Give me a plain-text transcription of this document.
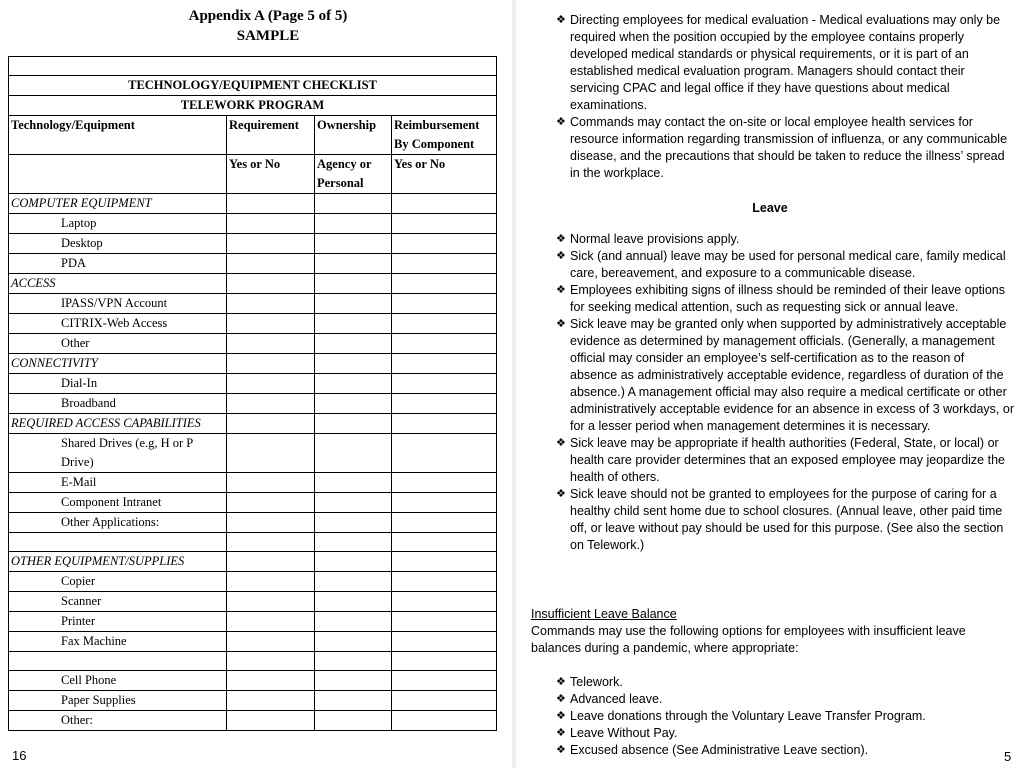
Appendix A (Page 5 of 5)
SAMPLE

TECHNOLOGY/EQUIPMENT CHECKLIST			
TELEWORK PROGRAM			
Technology/Equipment	Requirement	Ownership	Reimbursement By Component
	Yes or No	Agency or Personal	Yes or No
COMPUTER EQUIPMENT			
Laptop			
Desktop			
PDA			
ACCESS			
IPASS/VPN Account			
CITRIX-Web Access			
Other			
CONNECTIVITY			
Dial-In			
Broadband			
REQUIRED ACCESS CAPABILITIES			
Shared Drives (e.g, H or P Drive)			
E-Mail			
Component Intranet			
Other Applications:			

OTHER EQUIPMENT/SUPPLIES			
Copier			
Scanner			
Printer			
Fax Machine			

Cell Phone			
Paper Supplies			
Other:			
16
❖ Directing employees for medical evaluation - Medical evaluations may only be required when the position occupied by the employee contains properly developed medical standards or physical requirements, or it is part of an established medical evaluation program. Managers should contact their servicing CPAC and legal office if they have questions about medical examinations.
❖ Commands may contact the on-site or local employee health services for resource information regarding transmission of influenza, or any communicable disease, and the precautions that should be taken to reduce the illness’ spread in the workplace.
Leave
❖ Normal leave provisions apply.
❖ Sick (and annual) leave may be used for personal medical care, family medical care, bereavement, and exposure to a communicable disease.
❖ Employees exhibiting signs of illness should be reminded of their leave options for seeking medical attention, such as requesting sick or annual leave.
❖ Sick leave may be granted only when supported by administratively acceptable evidence as determined by management officials. (Generally, a management official may consider an employee’s self-certification as to the reason of absence as administratively acceptable evidence, regardless of duration of the absence.) A management official may also require a medical certificate or other administratively acceptable evidence for an absence in excess of 3 workdays, or for a lesser period when management determines it is necessary.
❖ Sick leave may be appropriate if health authorities (Federal, State, or local) or health care provider determines that an exposed employee may jeopardize the health of others.
❖ Sick leave should not be granted to employees for the purpose of caring for a healthy child sent home due to school closures. (Annual leave, other paid time off, or leave without pay should be used for this purpose. (See also the section on Telework.)
Insufficient Leave Balance
Commands may use the following options for employees with insufficient leave balances during a pandemic, where appropriate:
❖ Telework.
❖ Advanced leave.
❖ Leave donations through the Voluntary Leave Transfer Program.
❖ Leave Without Pay.
❖ Excused absence (See Administrative Leave section).	5
